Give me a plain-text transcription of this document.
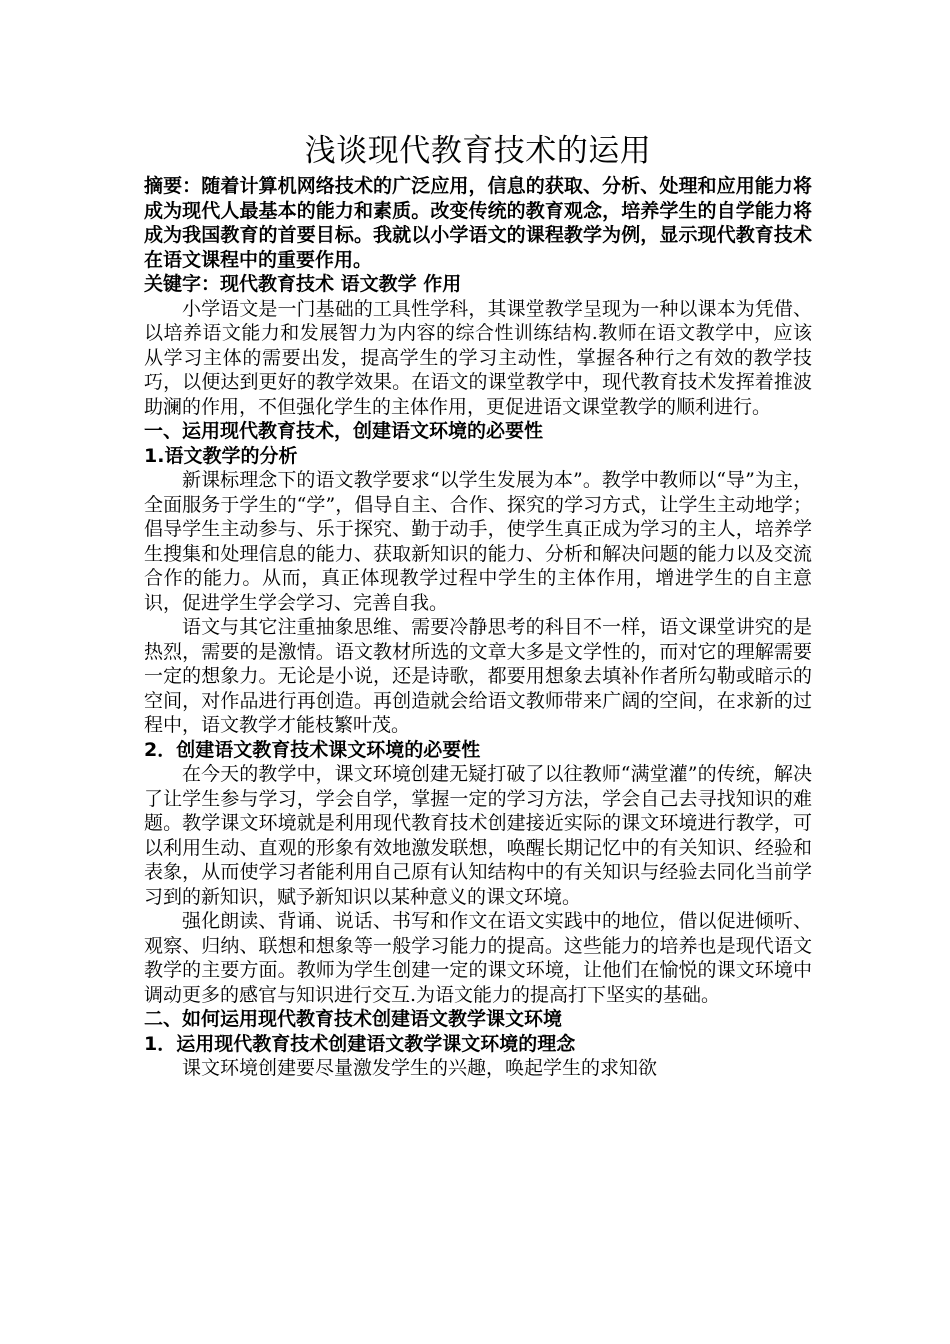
浅谈现代教育技术的运用

摘要：随着计算机网络技术的广泛应用，信息的获取、分析、处理和应用能力将成为现代人最基本的能力和素质。改变传统的教育观念，培养学生的自学能力将成为我国教育的首要目标。我就以小学语文的课程教学为例，显示现代教育技术在语文课程中的重要作用。

关键字：现代教育技术 语文教学 作用

小学语文是一门基础的工具性学科，其课堂教学呈现为一种以课本为凭借、以培养语文能力和发展智力为内容的综合性训练结构.教师在语文教学中，应该从学习主体的需要出发，提高学生的学习主动性，掌握各种行之有效的教学技巧，以便达到更好的教学效果。在语文的课堂教学中，现代教育技术发挥着推波助澜的作用，不但强化学生的主体作用，更促进语文课堂教学的顺利进行。

一、运用现代教育技术，创建语文环境的必要性

1.语文教学的分析

新课标理念下的语文教学要求“以学生发展为本”。教学中教师以“导”为主，全面服务于学生的“学”，倡导自主、合作、探究的学习方式，让学生主动地学；倡导学生主动参与、乐于探究、勤于动手，使学生真正成为学习的主人，培养学生搜集和处理信息的能力、获取新知识的能力、分析和解决问题的能力以及交流合作的能力。从而，真正体现教学过程中学生的主体作用，增进学生的自主意识，促进学生学会学习、完善自我。

语文与其它注重抽象思维、需要冷静思考的科目不一样，语文课堂讲究的是热烈，需要的是激情。语文教材所选的文章大多是文学性的，而对它的理解需要一定的想象力。无论是小说，还是诗歌，都要用想象去填补作者所勾勒或暗示的空间，对作品进行再创造。再创造就会给语文教师带来广阔的空间，在求新的过程中，语文教学才能枝繁叶茂。

2．创建语文教育技术课文环境的必要性

在今天的教学中，课文环境创建无疑打破了以往教师“满堂灌”的传统，解决了让学生参与学习，学会自学，掌握一定的学习方法，学会自己去寻找知识的难题。教学课文环境就是利用现代教育技术创建接近实际的课文环境进行教学，可以利用生动、直观的形象有效地激发联想，唤醒长期记忆中的有关知识、经验和表象，从而使学习者能利用自己原有认知结构中的有关知识与经验去同化当前学习到的新知识，赋予新知识以某种意义的课文环境。

强化朗读、背诵、说话、书写和作文在语文实践中的地位，借以促进倾听、观察、归纳、联想和想象等一般学习能力的提高。这些能力的培养也是现代语文教学的主要方面。教师为学生创建一定的课文环境，让他们在愉悦的课文环境中调动更多的感官与知识进行交互.为语文能力的提高打下坚实的基础。

二、如何运用现代教育技术创建语文教学课文环境

1．运用现代教育技术创建语文教学课文环境的理念

课文环境创建要尽量激发学生的兴趣，唤起学生的求知欲
